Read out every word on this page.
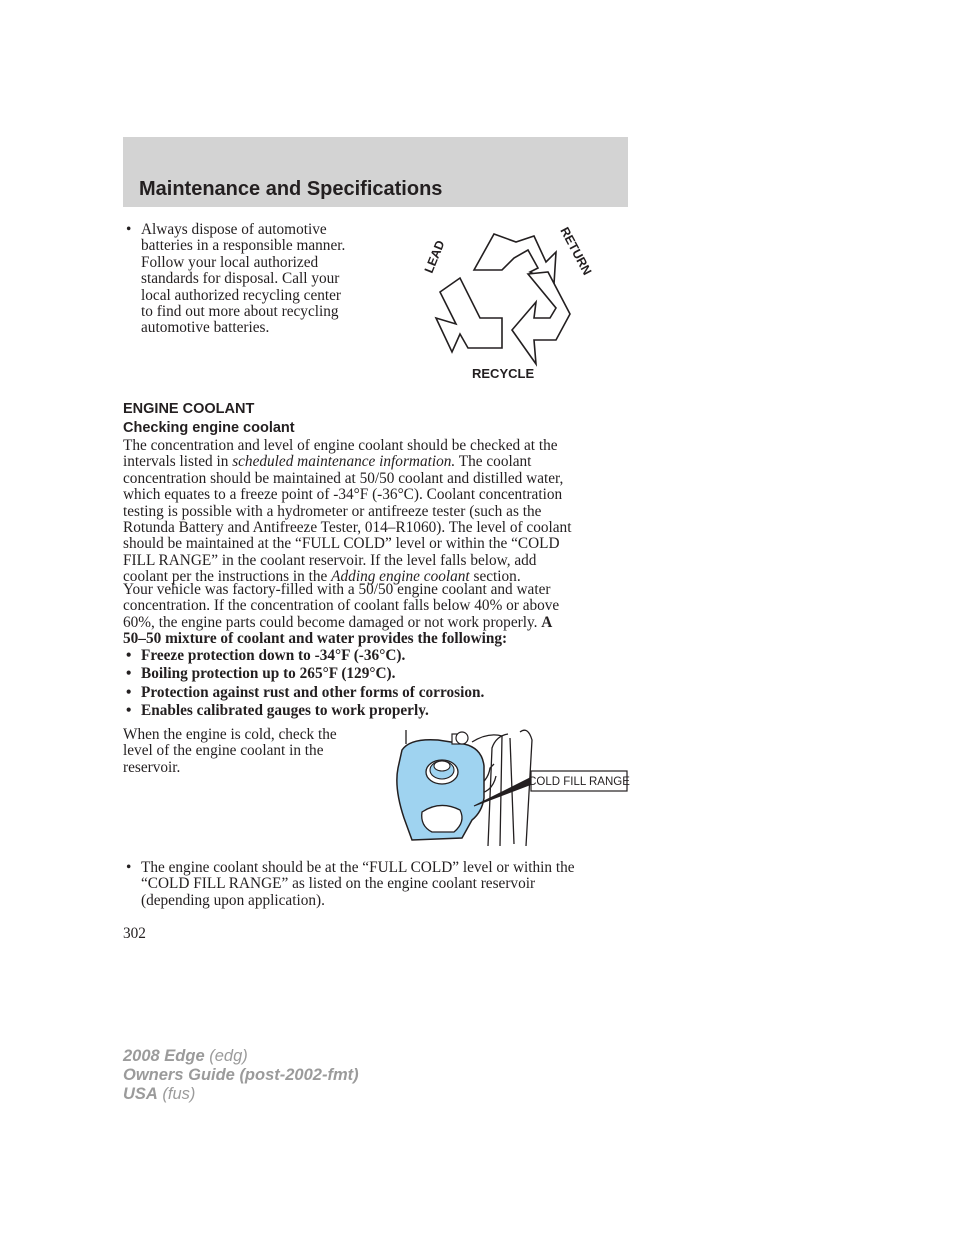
Maintenance and Specifications
• Always dispose of automotive
batteries in a responsible manner.
Follow your local authorized
standards for disposal. Call your
local authorized recycling center
to find out more about recycling
automotive batteries.
LEAD	RETURN
RECYCLE
ENGINE COOLANT
Checking engine coolant
The concentration and level of engine coolant should be checked at the
intervals listed in scheduled maintenance information. The coolant
concentration should be maintained at 50/50 coolant and distilled water,
which equates to a freeze point of -34°F (-36°C). Coolant concentration
testing is possible with a hydrometer or antifreeze tester (such as the
Rotunda Battery and Antifreeze Tester, 014–R1060). The level of coolant
should be maintained at the “FULL COLD” level or within the “COLD
FILL RANGE” in the coolant reservoir. If the level falls below, add
coolant per the instructions in the Adding engine coolant section.
Your vehicle was factory-filled with a 50/50 engine coolant and water
concentration. If the concentration of coolant falls below 40% or above
60%, the engine parts could become damaged or not work properly. A
50–50 mixture of coolant and water provides the following:
• Freeze protection down to -34°F (-36°C).
• Boiling protection up to 265°F (129°C).
• Protection against rust and other forms of corrosion.
• Enables calibrated gauges to work properly.
When the engine is cold, check the
level of the engine coolant in the
reservoir.
COLD FILL RANGE
• The engine coolant should be at the “FULL COLD” level or within the
“COLD FILL RANGE” as listed on the engine coolant reservoir
(depending upon application).
302
2008 Edge (edg)
Owners Guide (post-2002-fmt)
USA (fus)
